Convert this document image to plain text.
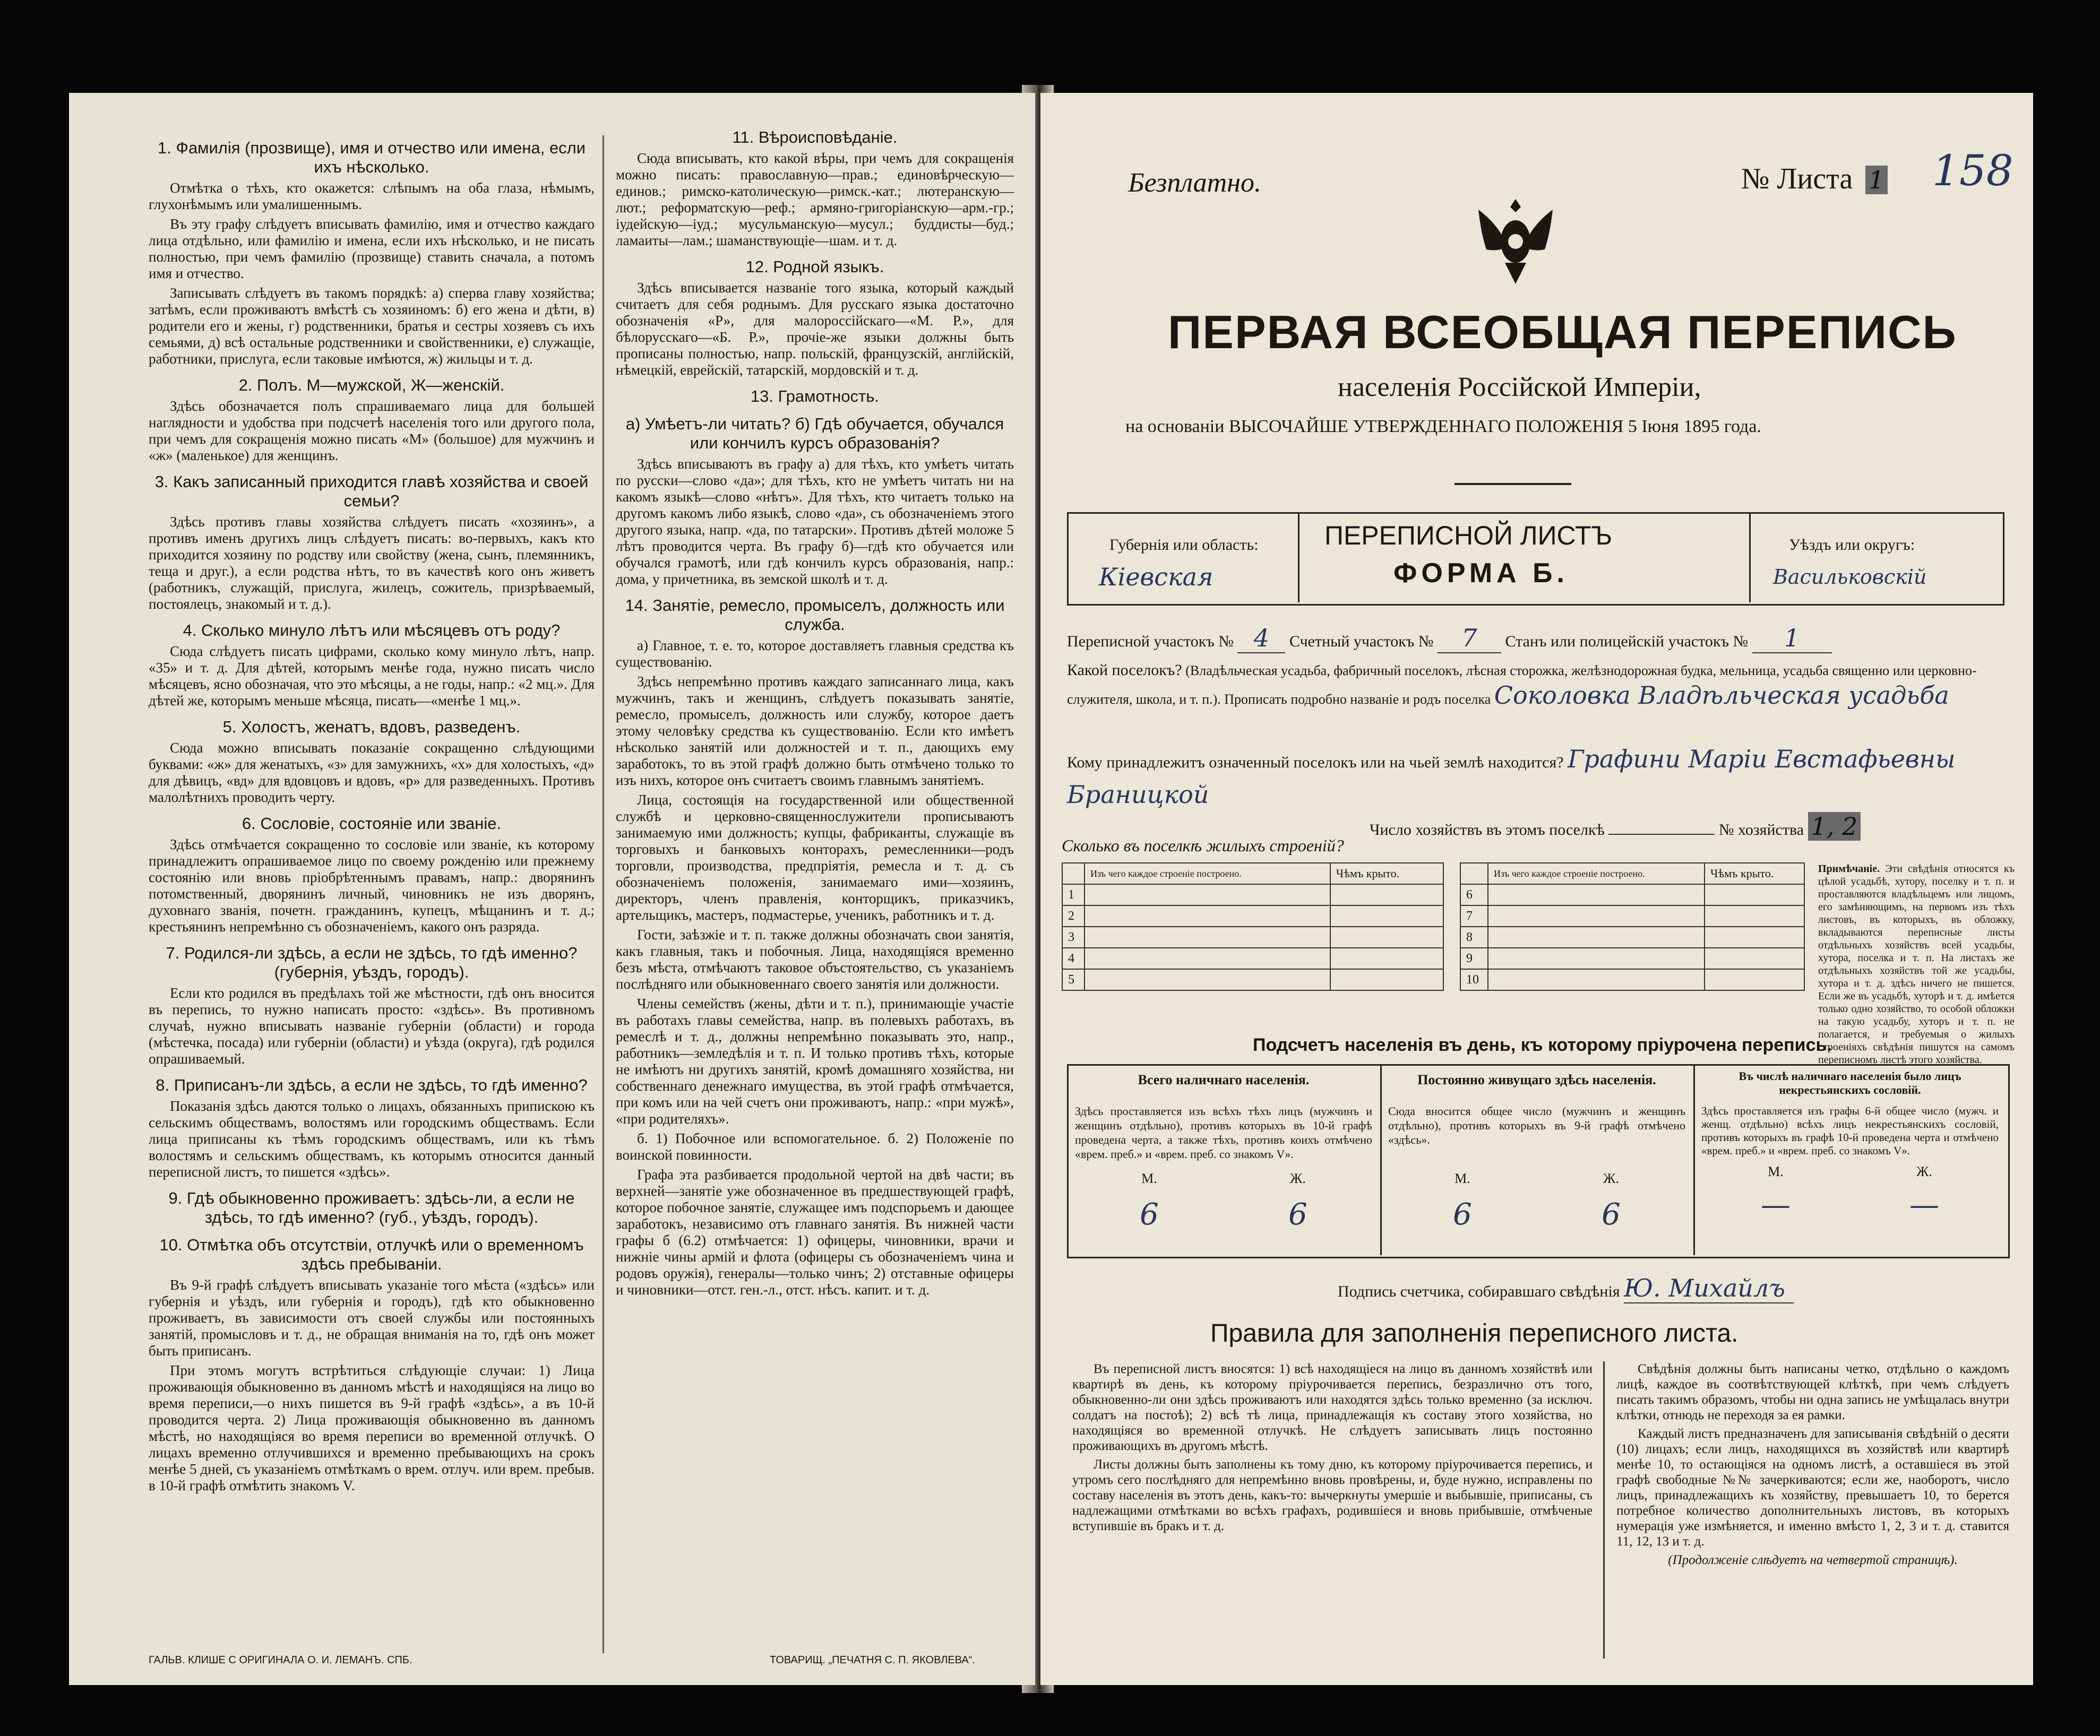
1. Фамилія (прозвище), имя и отчество или имена, если ихъ нѣсколько.

Отмѣтка о тѣхъ, кто окажется: слѣпымъ на оба глаза, нѣмымъ, глухонѣмымъ или умалишеннымъ.

Въ эту графу слѣдуетъ вписывать фамилію, имя и отчество каждаго лица отдѣльно, или фамилію и имена, если ихъ нѣсколько, и не писать полностью, при чемъ фамилію (прозвище) ставить сначала, а потомъ имя и отчество.

Записывать слѣдуетъ въ такомъ порядкѣ: а) сперва главу хозяйства; затѣмъ, если проживаютъ вмѣстѣ съ хозяиномъ: б) его жена и дѣти, в) родители его и жены, г) родственники, братья и сестры хозяевъ съ ихъ семьями, д) всѣ остальные родственники и свойственники, е) служащіе, работники, прислуга, если таковые имѣются, ж) жильцы и т. д.

2. Полъ. М—мужской, Ж—женскій.

Здѣсь обозначается полъ спрашиваемаго лица для большей наглядности и удобства при подсчетѣ населенія того или другого пола, при чемъ для сокращенія можно писать «М» (большое) для мужчинъ и «ж» (маленькое) для женщинъ.

3. Какъ записанный приходится главѣ хозяйства и своей семьи?

Здѣсь противъ главы хозяйства слѣдуетъ писать «хозяинъ», а противъ именъ другихъ лицъ слѣдуетъ писать: во-первыхъ, какъ кто приходится хозяину по родству или свойству (жена, сынъ, племянникъ, теща и друг.), а если родства нѣтъ, то въ качествѣ кого онъ живетъ (работникъ, служащій, прислуга, жилецъ, сожитель, призрѣваемый, постоялецъ, знакомый и т. д.).

4. Сколько минуло лѣтъ или мѣсяцевъ отъ роду?

Сюда слѣдуетъ писать цифрами, сколько кому минуло лѣтъ, напр. «35» и т. д. Для дѣтей, которымъ менѣе года, нужно писать число мѣсяцевъ, ясно обозначая, что это мѣсяцы, а не годы, напр.: «2 мц.». Для дѣтей же, которымъ меньше мѣсяца, писать—«менѣе 1 мц.».

5. Холостъ, женатъ, вдовъ, разведенъ.

Сюда можно вписывать показаніе сокращенно слѣдующими буквами: «ж» для женатыхъ, «з» для замужнихъ, «х» для холостыхъ, «д» для дѣвицъ, «вд» для вдовцовъ и вдовъ, «р» для разведенныхъ. Противъ малолѣтнихъ проводить черту.

6. Сословіе, состояніе или званіе.

Здѣсь отмѣчается сокращенно то сословіе или званіе, къ которому принадлежитъ опрашиваемое лицо по своему рожденію или прежнему состоянію или вновь пріобрѣтеннымъ правамъ, напр.: дворянинъ потомственный, дворянинъ личный, чиновникъ не изъ дворянъ, духовнаго званія, почетн. гражданинъ, купецъ, мѣщанинъ и т. д.; крестьянинъ непремѣнно съ обозначеніемъ, какого онъ разряда.

7. Родился-ли здѣсь, а если не здѣсь, то гдѣ именно? (губернія, уѣздъ, городъ).

Если кто родился въ предѣлахъ той же мѣстности, гдѣ онъ вносится въ перепись, то нужно написать просто: «здѣсь». Въ противномъ случаѣ, нужно вписывать названіе губерніи (области) и города (мѣстечка, посада) или губерніи (области) и уѣзда (округа), гдѣ родился опрашиваемый.

8. Приписанъ-ли здѣсь, а если не здѣсь, то гдѣ именно?

Показанія здѣсь даются только о лицахъ, обязанныхъ припискою къ сельскимъ обществамъ, волостямъ или городскимъ обществамъ. Если лица приписаны къ тѣмъ городскимъ обществамъ, или къ тѣмъ волостямъ и сельскимъ обществамъ, къ которымъ относится данный переписной листъ, то пишется «здѣсь».

9. Гдѣ обыкновенно проживаетъ: здѣсь-ли, а если не здѣсь, то гдѣ именно? (губ., уѣздъ, городъ).
10. Отмѣтка объ отсутствіи, отлучкѣ или о временномъ здѣсь пребываніи.

Въ 9-й графѣ слѣдуетъ вписывать указаніе того мѣста («здѣсь» или губернія и уѣздъ, или губернія и городъ), гдѣ кто обыкновенно проживаетъ, въ зависимости отъ своей службы или постоянныхъ занятій, промысловъ и т. д., не обращая вниманія на то, гдѣ онъ может быть приписанъ.

При этомъ могутъ встрѣтиться слѣдующіе случаи: 1) Лица проживающія обыкновенно въ данномъ мѣстѣ и находящіяся на лицо во время переписи,—о нихъ пишется въ 9-й графѣ «здѣсь», а въ 10-й проводится черта. 2) Лица проживающія обыкновенно въ данномъ мѣстѣ, но находящіяся во время переписи во временной отлучкѣ. О лицахъ временно отлучившихся и временно пребывающихъ на срокъ менѣе 5 дней, съ указаніемъ отмѣткамъ о врем. отлуч. или врем. пребыв. в 10-й графѣ отмѣтить знакомъ V.

11. Вѣроисповѣданіе.

Сюда вписывать, кто какой вѣры, при чемъ для сокращенія можно писать: православную—прав.; единовѣрческую—единов.; римско-католическую—римск.-кат.; лютеранскую—лют.; реформатскую—реф.; армяно-григоріанскую—арм.-гр.; іудейскую—іуд.; мусульманскую—мусул.; буддисты—буд.; ламаиты—лам.; шаманствующіе—шам. и т. д.

12. Родной языкъ.

Здѣсь вписывается названіе того языка, который каждый считаетъ для себя роднымъ. Для русскаго языка достаточно обозначенія «Р», для малороссійскаго—«М. Р.», для бѣлорусскаго—«Б. Р.», прочіе-же языки должны быть прописаны полностью, напр. польскій, французскій, англійскій, нѣмецкій, еврейскій, татарскій, мордовскій и т. д.

13. Грамотность.
а) Умѣетъ-ли читать? б) Гдѣ обучается, обучался или кончилъ курсъ образованія?

Здѣсь вписываютъ въ графу а) для тѣхъ, кто умѣетъ читать по русски—слово «да»; для тѣхъ, кто не умѣетъ читать ни на какомъ языкѣ—слово «нѣтъ». Для тѣхъ, кто читаетъ только на другомъ какомъ либо языкѣ, слово «да», съ обозначеніемъ этого другого языка, напр. «да, по татарски». Противъ дѣтей моложе 5 лѣтъ проводится черта. Въ графу б)—гдѣ кто обучается или обучался грамотѣ, или гдѣ кончилъ курсъ образованія, напр.: дома, у причетника, въ земской школѣ и т. д.

14. Занятіе, ремесло, промыселъ, должность или служба.

а) Главное, т. е. то, которое доставляетъ главныя средства къ существованію.

Здѣсь непремѣнно противъ каждаго записаннаго лица, какъ мужчинъ, такъ и женщинъ, слѣдуетъ показывать занятіе, ремесло, промыселъ, должность или службу, которое даетъ этому человѣку средства къ существованію. Если кто имѣетъ нѣсколько занятій или должностей и т. п., дающихъ ему заработокъ, то въ этой графѣ должно быть отмѣчено только то изъ нихъ, которое онъ считаетъ своимъ главнымъ занятіемъ.

Лица, состоящія на государственной или общественной службѣ и церковно-священнослужители прописываютъ занимаемую ими должность; купцы, фабриканты, служащіе въ торговыхъ и банковыхъ конторахъ, ремесленники—родъ торговли, производства, предпріятія, ремесла и т. д. съ обозначеніемъ положенія, занимаемаго ими—хозяинъ, директоръ, членъ правленія, конторщикъ, приказчикъ, артельщикъ, мастеръ, подмастерье, ученикъ, работникъ и т. д.

Гости, заѣзжіе и т. п. также должны обозначать свои занятія, какъ главныя, такъ и побочныя. Лица, находящіяся временно безъ мѣста, отмѣчаютъ таковое объстоятельство, съ указаніемъ послѣдняго или обыкновеннаго своего занятія или должности.

Члены семействъ (жены, дѣти и т. п.), принимающіе участіе въ работахъ главы семейства, напр. въ полевыхъ работахъ, въ ремеслѣ и т. д., должны непремѣнно показывать это, напр., работникъ—земледѣлія и т. п. И только противъ тѣхъ, которые не имѣютъ ни другихъ занятій, кромѣ домашняго хозяйства, ни собственнаго денежнаго имущества, въ этой графѣ отмѣчается, при комъ или на чей счетъ они проживаютъ, напр.: «при мужѣ», «при родителяхъ».

б. 1) Побочное или вспомогательное. б. 2) Положеніе по воинской повинности.

Графа эта разбивается продольной чертой на двѣ части; въ верхней—занятіе уже обозначенное въ предшествующей графѣ, которое побочное занятіе, служащее имъ подспорьемъ и дающее заработокъ, независимо отъ главнаго занятія. Въ нижней части графы б (6.2) отмѣчается: 1) офицеры, чиновники, врачи и нижніе чины армій и флота (офицеры съ обозначеніемъ чина и родовъ оружія), генералы—только чинъ; 2) отставные офицеры и чиновники—отст. ген.-л., отст. нѣсъ. капит. и т. д.

ГАЛЬВ. КЛИШЕ С ОРИГИНАЛА О. И. ЛЕМАНЪ. СПБ.	ТОВАРИЩ. „ПЕЧАТНЯ С. П. ЯКОВЛЕВА“.
Безплатно.	№ Листа 1 158
ПЕРВАЯ ВСЕОБЩАЯ ПЕРЕПИСЬ
населенія Россійской Имперіи,
на основаніи ВЫСОЧАЙШЕ УТВЕРЖДЕННАГО ПОЛОЖЕНІЯ 5 Іюня 1895 года.
Губернія или область:
Кіевская
ПЕРЕПИСНОЙ ЛИСТЪ
ФОРМА Б.
Уѣздъ или округъ:
Васильковскій
Переписной участокъ № 4 Счетный участокъ № 7 Станъ или полицейскій участокъ № 1
Какой поселокъ? (Владѣльческая усадьба, фабричный поселокъ, лѣсная сторожка, желѣзнодорожная будка, мельница, усадьба священно или церковно-служителя, школа, и т. п.). Прописать подробно названіе и родъ поселка Соколовка Владѣльческая усадьба
Кому принадлежитъ означенный поселокъ или на чьей землѣ находится? Графини Маріи Евстафьевны Браницкой
Число хозяйствъ въ этомъ поселкѣ	№ хозяйства 1, 2
Сколько въ поселкѣ жилыхъ строеній?
	Изъ чего каждое строеніе построено.	Чѣмъ крыто.
1		
2		
3		
4		
5		
	Изъ чего каждое строеніе построено.	Чѣмъ крыто.
6		
7		
8		
9		
10		
Примѣчаніе. Эти свѣдѣнія относятся къ цѣлой усадьбѣ, хутору, поселку и т. п. и проставляются владѣльцемъ или лицомъ, его замѣняющимъ, на первомъ изъ тѣхъ листовъ, въ которыхъ, въ обложку, вкладываются переписные листы отдѣльныхъ хозяйствъ всей усадьбы, хутора, поселка и т. п. На листахъ же отдѣльныхъ хозяйствъ той же усадьбы, хутора и т. д. здѣсь ничего не пишется. Если же въ усадьбѣ, хуторѣ и т. д. имѣется только одно хозяйство, то особой обложки на такую усадьбу, хуторъ и т. п. не полагается, и требуемыя о жилыхъ строеніяхъ свѣдѣнія пишутся на самомъ переписномъ листѣ этого хозяйства.
Подсчетъ населенія въ день, къ которому пріурочена перепись.
Всего наличнаго населенія.
Здѣсь проставляется изъ всѣхъ тѣхъ лицъ (мужчинъ и женщинъ отдѣльно), противъ которыхъ въ 10-й графѣ проведена черта, а также тѣхъ, противъ коихъ отмѣчено «врем. преб.» и «врем. преб. со знакомъ V».
М.	Ж.
6	6
Постоянно живущаго здѣсь населенія.
Сюда вносится общее число (мужчинъ и женщинъ отдѣльно), противъ которыхъ въ 9-й графѣ отмѣчено «здѣсь».
М.	Ж.
6	6
Въ числѣ наличнаго населенія было лицъ некрестьянскихъ сословій.
Здѣсь проставляется изъ графы 6-й общее число (мужч. и женщ. отдѣльно) всѣхъ лицъ некрестьянскихъ сословій, противъ которыхъ въ графѣ 10-й проведена черта и отмѣчено «врем. преб.» и «врем. преб. со знакомъ V».
М.	Ж.
—	—
Подпись счетчика, собиравшаго свѣдѣнія Ю. Михайлъ
Правила для заполненія переписного листа.

Въ переписной листъ вносятся: 1) всѣ находящіеся на лицо въ данномъ хозяйствѣ или квартирѣ въ день, къ которому пріурочивается перепись, безразлично отъ того, обыкновенно-ли они здѣсь проживаютъ или находятся здѣсь только временно (за исключ. солдатъ на постоѣ); 2) всѣ тѣ лица, принадлежащія къ составу этого хозяйства, но находящіяся во временной отлучкѣ. Не слѣдуетъ записывать лицъ постоянно проживающихъ въ другомъ мѣстѣ.

Листы должны быть заполнены къ тому дню, къ которому пріурочивается перепись, и утромъ сего послѣдняго для непремѣнно вновь провѣрены, и, буде нужно, исправлены по составу населенія въ этотъ день, какъ-то: вычеркнуты умершіе и выбывшіе, приписаны, съ надлежащими отмѣтками во всѣхъ графахъ, родившіеся и вновь прибывшіе, отмѣченые вступившіе въ бракъ и т. д.

Свѣдѣнія должны быть написаны четко, отдѣльно о каждомъ лицѣ, каждое въ соотвѣтствующей клѣткѣ, при чемъ слѣдуетъ писать такимъ образомъ, чтобы ни одна запись не умѣщалась внутри клѣтки, отнюдь не переходя за ея рамки.

Каждый листъ предназначенъ для записыванія свѣдѣній о десяти (10) лицахъ; если лицъ, находящихся въ хозяйствѣ или квартирѣ менѣе 10, то остающіяся на одномъ листѣ, а оставшіеся въ этой графѣ свободные №№ зачеркиваются; если же, наоборотъ, число лицъ, принадлежащихъ къ хозяйству, превышаетъ 10, то берется потребное количество дополнительныхъ листовъ, въ которыхъ нумерація уже измѣняется, и именно вмѣсто 1, 2, 3 и т. д. ставится 11, 12, 13 и т. д.

(Продолженіе слѣдуетъ на четвертой страницѣ).
